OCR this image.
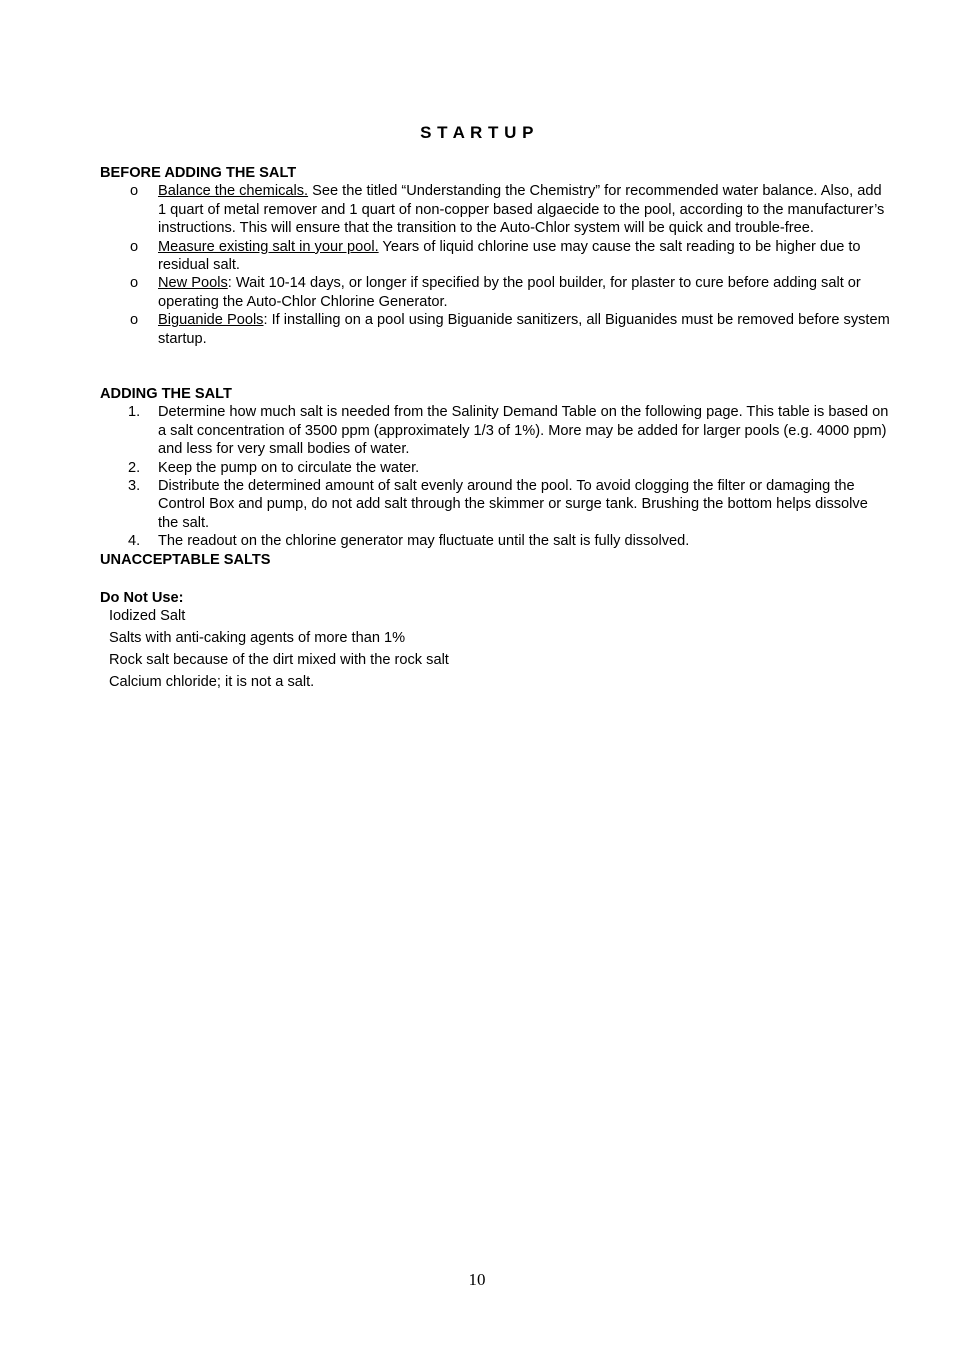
S T A R T U P
BEFORE ADDING THE SALT
o Balance the chemicals. See the titled “Understanding the Chemistry” for recommended water balance. Also, add 1 quart of metal remover and 1 quart of non-copper based algaecide to the pool, according to the manufacturer’s instructions. This will ensure that the transition to the Auto-Chlor system will be quick and trouble-free.
o Measure existing salt in your pool. Years of liquid chlorine use may cause the salt reading to be higher due to residual salt.
o New Pools: Wait 10-14 days, or longer if specified by the pool builder, for plaster to cure before adding salt or operating the Auto-Chlor Chlorine Generator.
o Biguanide Pools: If installing on a pool using Biguanide sanitizers, all Biguanides must be removed before system startup.
ADDING THE SALT
1. Determine how much salt is needed from the Salinity Demand Table on the following page. This table is based on a salt concentration of 3500 ppm (approximately 1/3 of 1%). More may be added for larger pools (e.g. 4000 ppm) and less for very small bodies of water.
2. Keep the pump on to circulate the water.
3. Distribute the determined amount of salt evenly around the pool. To avoid clogging the filter or damaging the Control Box and pump, do not add salt through the skimmer or surge tank. Brushing the bottom helps dissolve the salt.
4. The readout on the chlorine generator may fluctuate until the salt is fully dissolved.
UNACCEPTABLE SALTS
Do Not Use:
Iodized Salt
Salts with anti-caking agents of more than 1%
Rock salt because of the dirt mixed with the rock salt
Calcium chloride; it is not a salt.
10
